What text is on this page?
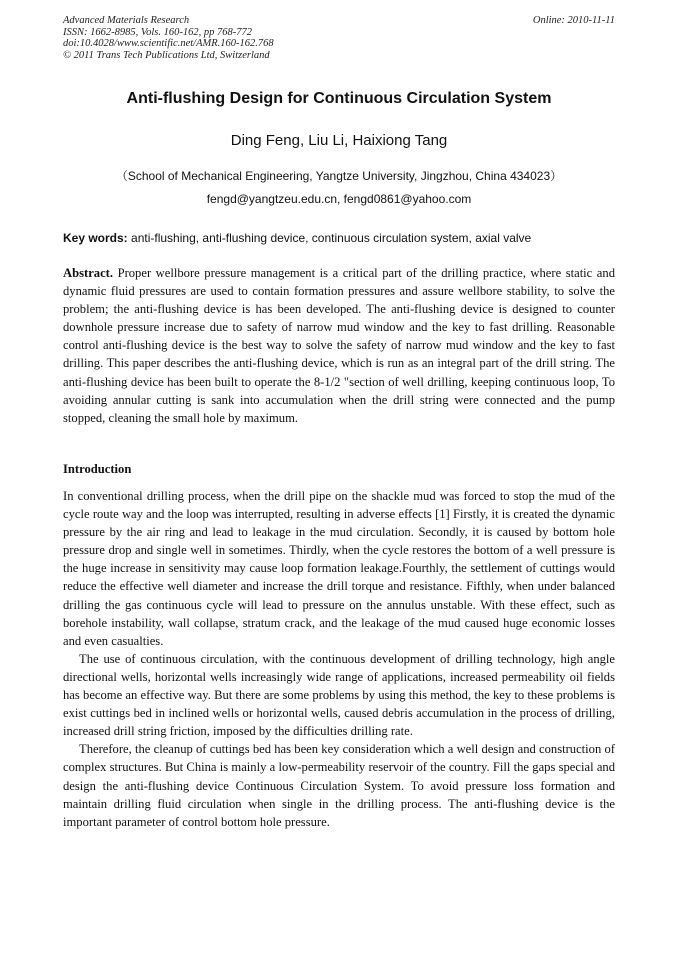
Advanced Materials Research
ISSN: 1662-8985, Vols. 160-162, pp 768-772
doi:10.4028/www.scientific.net/AMR.160-162.768
© 2011 Trans Tech Publications Ltd, Switzerland
Online: 2010-11-11
Anti-flushing Design for Continuous Circulation System
Ding Feng, Liu Li, Haixiong Tang
（School of Mechanical Engineering, Yangtze University, Jingzhou, China 434023）
fengd@yangtzeu.edu.cn, fengd0861@yahoo.com
Key words: anti-flushing, anti-flushing device, continuous circulation system, axial valve
Abstract. Proper wellbore pressure management is a critical part of the drilling practice, where static and dynamic fluid pressures are used to contain formation pressures and assure wellbore stability, to solve the problem; the anti-flushing device is has been developed. The anti-flushing device is designed to counter downhole pressure increase due to safety of narrow mud window and the key to fast drilling. Reasonable control anti-flushing device is the best way to solve the safety of narrow mud window and the key to fast drilling. This paper describes the anti-flushing device, which is run as an integral part of the drill string. The anti-flushing device has been built to operate the 8-1/2 "section of well drilling, keeping continuous loop, To avoiding annular cutting is sank into accumulation when the drill string were connected and the pump stopped, cleaning the small hole by maximum.
Introduction

In conventional drilling process, when the drill pipe on the shackle mud was forced to stop the mud of the cycle route way and the loop was interrupted, resulting in adverse effects [1] Firstly, it is created the dynamic pressure by the air ring and lead to leakage in the mud circulation. Secondly, it is caused by bottom hole pressure drop and single well in sometimes. Thirdly, when the cycle restores the bottom of a well pressure is the huge increase in sensitivity may cause loop formation leakage.Fourthly, the settlement of cuttings would reduce the effective well diameter and increase the drill torque and resistance. Fifthly, when under balanced drilling the gas continuous cycle will lead to pressure on the annulus unstable. With these effect, such as borehole instability, wall collapse, stratum crack, and the leakage of the mud caused huge economic losses and even casualties.

The use of continuous circulation, with the continuous development of drilling technology, high angle directional wells, horizontal wells increasingly wide range of applications, increased permeability oil fields has become an effective way. But there are some problems by using this method, the key to these problems is exist cuttings bed in inclined wells or horizontal wells, caused debris accumulation in the process of drilling, increased drill string friction, imposed by the difficulties drilling rate.

Therefore, the cleanup of cuttings bed has been key consideration which a well design and construction of complex structures. But China is mainly a low-permeability reservoir of the country. Fill the gaps special and design the anti-flushing device Continuous Circulation System. To avoid pressure loss formation and maintain drilling fluid circulation when single in the drilling process. The anti-flushing device is the important parameter of control bottom hole pressure.
